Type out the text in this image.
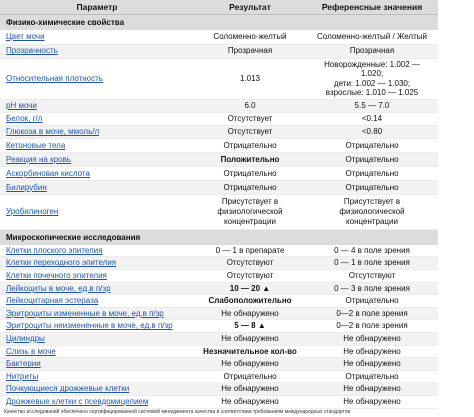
Параметр	Результат	Референсные значения
Физико-химические свойства		
Цвет мочи	Соломенно-желтый	Соломенно-желтый / Желтый
Прозрачность	Прозрачная	Прозрачная
Относительная плотность	1.013	Новорожденные: 1.002 — 1.020;
дети: 1.002 — 1.030;
взрослые: 1.010 — 1.025
pH мочи	6.0	5.5 — 7.0
Белок, г/л	Отсутствует	<0.14
Глюкоза в моче, ммоль/л	Отсутствует	<0.80
Кетоновые тела	Отрицательно	Отрицательно
Реакция на кровь	Положительно	Отрицательно
Аскорбиновая кислота	Отрицательно	Отрицательно
Билирубин	Отрицательно	Отрицательно
Уробилиноген	Присутствует в
физиологической
концентрации	Присутствует в
физиологической
концентрации
Микроскопические исследования		
Клетки плоского эпителия	0 — 1 в препарате	0 — 4 в поле зрения
Клетки переходного эпителия	Отсутствуют	0 — 1 в поле зрения
Клетки почечного эпителия	Отсутствуют	Отсутствуют
Лейкоциты в моче, ед.в п/зр	10 — 20 ▲	0 — 3 в поле зрения
Лейкоцитарная эстераза	Слабоположительно	Отрицательно
Эритроциты измененные в моче, ед.в п/зр	Не обнаружено	0—2 в поле зрения
Эритроциты неизмененные в моче, ед.в п/зр	5 — 8 ▲	0—2 в поле зрения
Цилиндры	Не обнаружено	Не обнаружено
Слизь в моче	Незначительное кол-во	Не обнаружено
Бактерии	Не обнаружено	Не обнаружено
Нитриты	Отрицательно	Отрицательно
Почкующиеся дрожжевые клетки	Не обнаружено	Не обнаружено
Дрожжевые клетки с псевдомицелием	Не обнаружено	Не обнаружено
Качество исследований обеспечено сертифицированной системой менеджмента качества в соответствии требованиям международных стандартов
